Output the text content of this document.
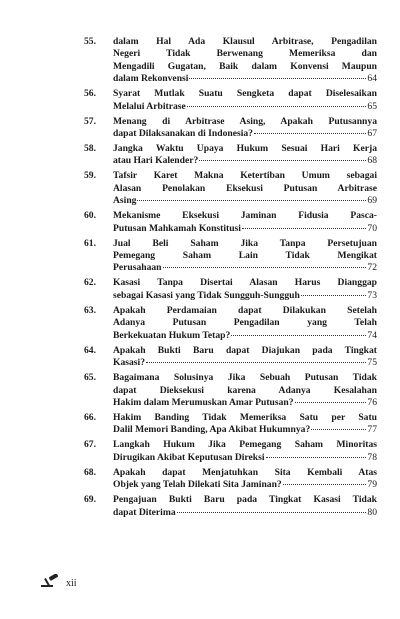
55. dalam Hal Ada Klausul Arbitrase, Pengadilan
Negeri Tidak Berwenang Memeriksa dan
Mengadili Gugatan, Baik dalam Konvensi Maupun
dalam Rekonvensi	64
56. Syarat Mutlak Suatu Sengketa dapat Diselesaikan
Melalui Arbitrase	65
57. Menang di Arbitrase Asing, Apakah Putusannya
dapat Dilaksanakan di Indonesia?	67
58. Jangka Waktu Upaya Hukum Sesuai Hari Kerja
atau Hari Kalender?	68
59. Tafsir Karet Makna Ketertiban Umum sebagai
Alasan Penolakan Eksekusi Putusan Arbitrase
Asing	69
60. Mekanisme Eksekusi Jaminan Fidusia Pasca-
Putusan Mahkamah Konstitusi	70
61. Jual Beli Saham Jika Tanpa Persetujuan
Pemegang Saham Lain Tidak Mengikat
Perusahaan	72
62. Kasasi Tanpa Disertai Alasan Harus Dianggap
sebagai Kasasi yang Tidak Sungguh-Sungguh	73
63. Apakah Perdamaian dapat Dilakukan Setelah
Adanya Putusan Pengadilan yang Telah
Berkekuatan Hukum Tetap?	74
64. Apakah Bukti Baru dapat Diajukan pada Tingkat
Kasasi?	75
65. Bagaimana Solusinya Jika Sebuah Putusan Tidak
dapat Dieksekusi karena Adanya Kesalahan
Hakim dalam Merumuskan Amar Putusan?	76
66. Hakim Banding Tidak Memeriksa Satu per Satu
Dalil Memori Banding, Apa Akibat Hukumnya?	77
67. Langkah Hukum Jika Pemegang Saham Minoritas
Dirugikan Akibat Keputusan Direksi	78
68. Apakah dapat Menjatuhkan Sita Kembali Atas
Objek yang Telah Dilekati Sita Jaminan?	79
69. Pengajuan Bukti Baru pada Tingkat Kasasi Tidak
dapat Diterima	80
xii
